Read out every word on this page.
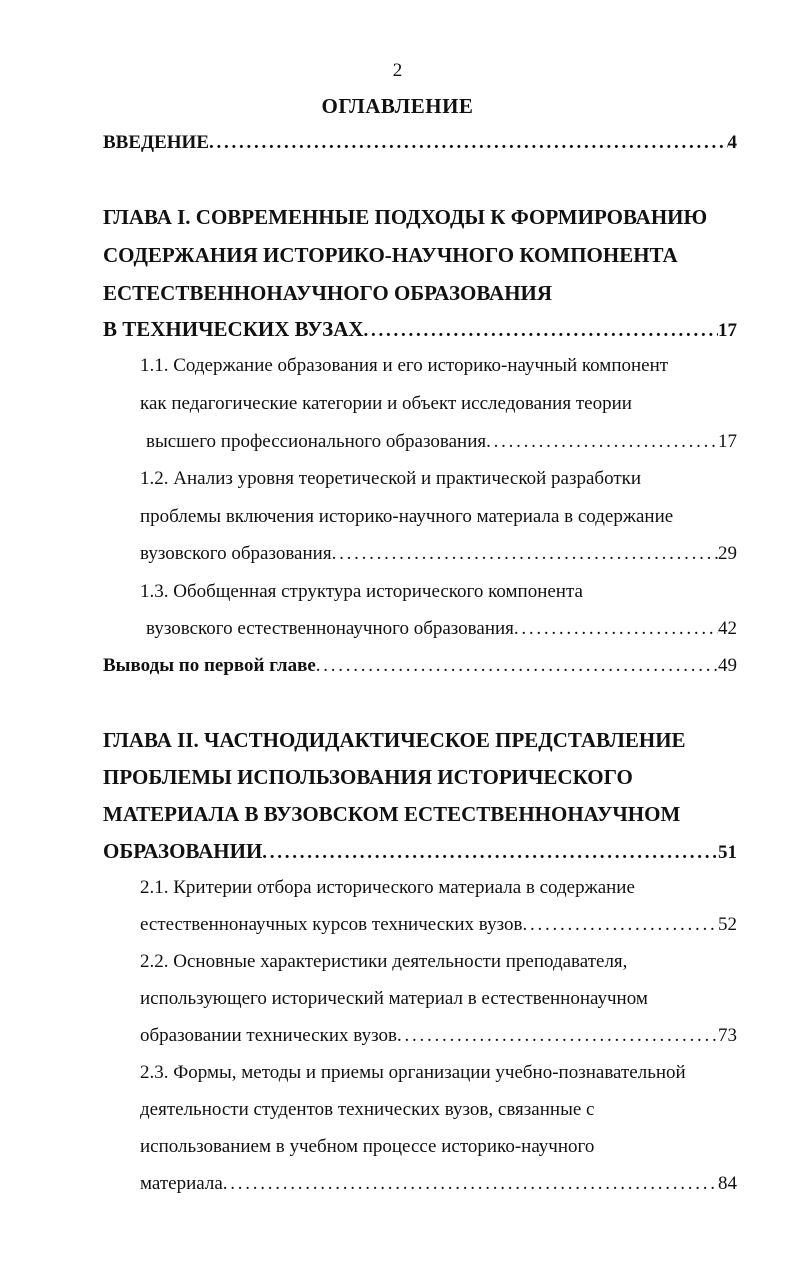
2
ОГЛАВЛЕНИЕ
ВВЕДЕНИЕ . . .	4
ГЛАВА I. СОВРЕМЕННЫЕ ПОДХОДЫ К ФОРМИРОВАНИЮ
СОДЕРЖАНИЯ ИСТОРИКО-НАУЧНОГО КОМПОНЕНТА
ЕСТЕСТВЕННОНАУЧНОГО ОБРАЗОВАНИЯ
В ТЕХНИЧЕСКИХ ВУЗАХ . . .	17
1.1. Содержание образования и его историко-научный компонент
как педагогические категории и объект исследования теории
высшего профессионального образования . . .	17
1.2. Анализ уровня теоретической и практической разработки
проблемы включения историко-научного материала в содержание
вузовского образования . . .	29
1.3. Обобщенная структура исторического компонента
вузовского естественнонаучного образования . . .	42
Выводы по первой главе . . .	49
ГЛАВА II. ЧАСТНОДИДАКТИЧЕСКОЕ ПРЕДСТАВЛЕНИЕ
ПРОБЛЕМЫ ИСПОЛЬЗОВАНИЯ ИСТОРИЧЕСКОГО
МАТЕРИАЛА В ВУЗОВСКОМ ЕСТЕСТВЕННОНАУЧНОМ
ОБРАЗОВАНИИ . . .	51
2.1. Критерии отбора исторического материала в содержание
естественнонаучных курсов технических вузов . . .	52
2.2. Основные характеристики деятельности преподавателя,
использующего исторический материал в естественнонаучном
образовании технических вузов . . .	73
2.3. Формы, методы и приемы организации учебно-познавательной
деятельности студентов технических вузов, связанные с
использованием в учебном процессе историко-научного
материала . . .	84
